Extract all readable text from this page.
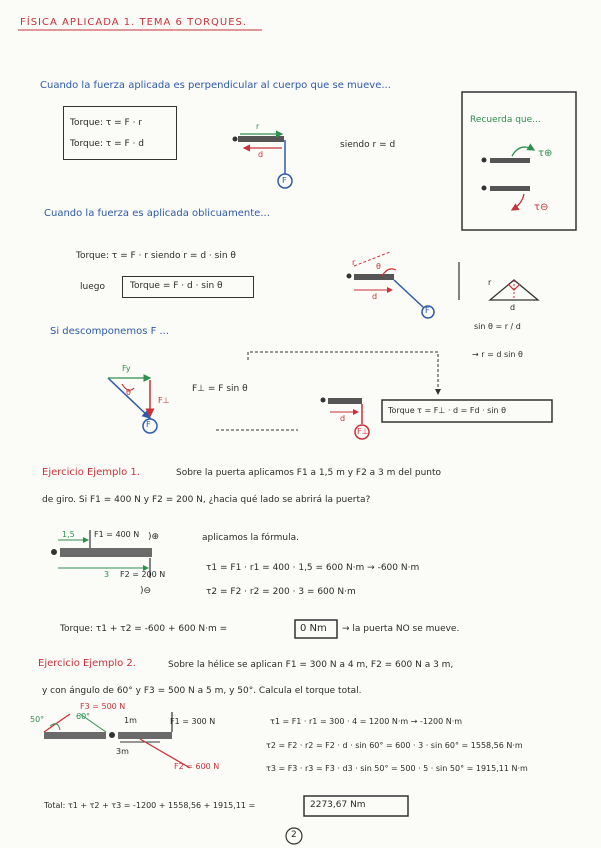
FÍSICA APLICADA 1. TEMA 6 TORQUES.
Cuando la fuerza aplicada es perpendicular al cuerpo que se mueve...
Torque: τ = F · r
Torque: τ = F · d
r
d
F
siendo r = d
Recuerda que...
τ⊕
τ⊖
Cuando la fuerza es aplicada oblicuamente...
Torque: τ = F · r siendo r = d · sin θ
luego	Torque = F · d · sin θ
θ
r
d
F
r
d
sin θ = r / d
→ r = d sin θ
Si descomponemos F ...
Fy
F⊥
F⊥ = F sin θ
θ
F
d
F⊥
Torque τ = F⊥ · d = Fd · sin θ
Ejercicio Ejemplo 1.	Sobre la puerta aplicamos F1 a 1,5 m y F2 a 3 m del punto
de giro. Si F1 = 400 N y F2 = 200 N, ¿hacia qué lado se abrirá la puerta?
1,5 F1 = 400 N
3 F2 = 200 N
)⊕
)⊖
aplicamos la fórmula.
τ1 = F1 · r1 = 400 · 1,5 = 600 N·m → -600 N·m
τ2 = F2 · r2 = 200 · 3 = 600 N·m
Torque: τ1 + τ2 = -600 + 600 N·m =	0 Nm → la puerta NO se mueve.
Ejercicio Ejemplo 2.	Sobre la hélice se aplican F1 = 300 N a 4 m, F2 = 600 N a 3 m,
y con ángulo de 60° y F3 = 500 N a 5 m, y 50°. Calcula el torque total.
50°	60°
F3 = 500 N
1m	F1 = 300 N
3m
F2 = 600 N
τ1 = F1 · r1 = 300 · 4 = 1200 N·m → -1200 N·m
τ2 = F2 · r2 = F2 · d · sin 60° = 600 · 3 · sin 60° = 1558,56 N·m
τ3 = F3 · r3 = F3 · d3 · sin 50° = 500 · 5 · sin 50° = 1915,11 N·m
Total: τ1 + τ2 + τ3 = -1200 + 1558,56 + 1915,11 =	2273,67 Nm
2
